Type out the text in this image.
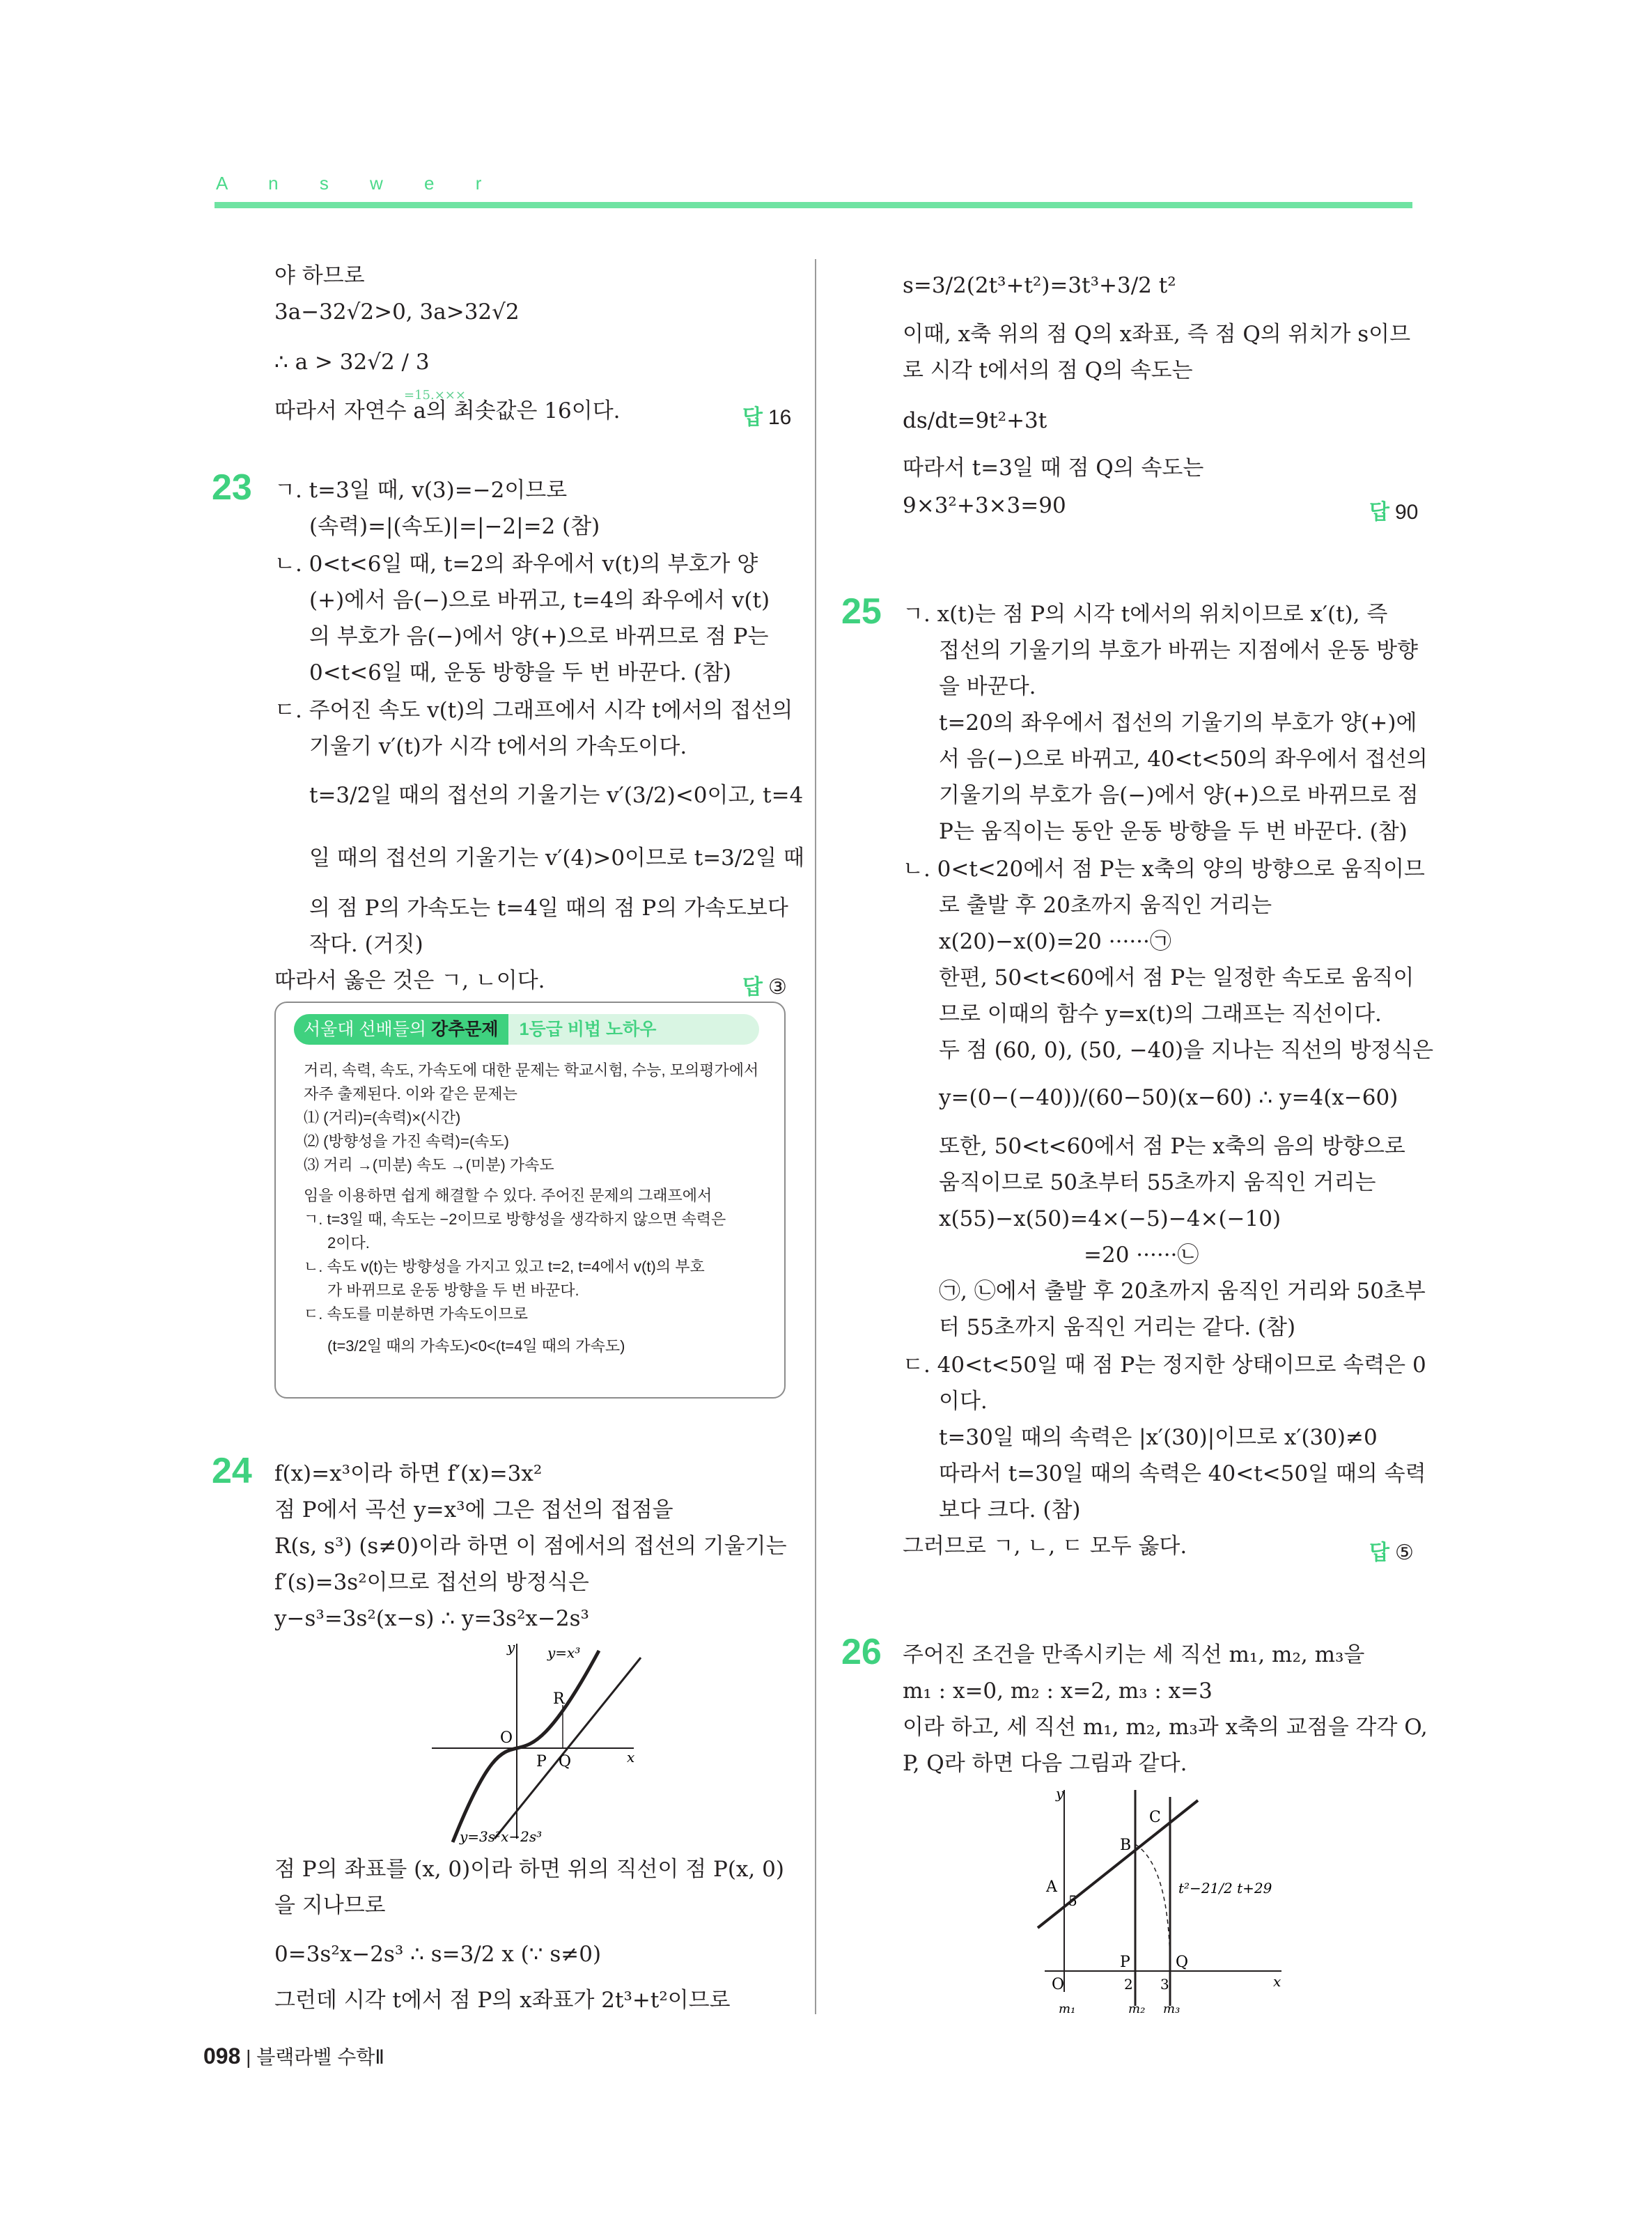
A n s w e r
야 하므로
3a−32√2>0, 3a>32√2
∴ a > 32√2 / 3
=15.×××
따라서 자연수 a의 최솟값은 16이다.	답 16
23 ㄱ. t=3일 때, v(3)=−2이므로
(속력)=|(속도)|=|−2|=2 (참)
ㄴ. 0<t<6일 때, t=2의 좌우에서 v(t)의 부호가 양
(+)에서 음(−)으로 바뀌고, t=4의 좌우에서 v(t)
의 부호가 음(−)에서 양(+)으로 바뀌므로 점 P는
0<t<6일 때, 운동 방향을 두 번 바꾼다. (참)
ㄷ. 주어진 속도 v(t)의 그래프에서 시각 t에서의 접선의
기울기 v′(t)가 시각 t에서의 가속도이다.
t=3/2일 때의 접선의 기울기는 v′(3/2)<0이고, t=4
일 때의 접선의 기울기는 v′(4)>0이므로 t=3/2일 때
의 점 P의 가속도는 t=4일 때의 점 P의 가속도보다
작다. (거짓)
따라서 옳은 것은 ㄱ, ㄴ이다.	답 ③
서울대 선배들의 강추문제 1등급 비법 노하우
거리, 속력, 속도, 가속도에 대한 문제는 학교시험, 수능, 모의평가에서
자주 출제된다. 이와 같은 문제는
⑴ (거리)=(속력)×(시간)
⑵ (방향성을 가진 속력)=(속도)
⑶ 거리 →(미분) 속도 →(미분) 가속도
임을 이용하면 쉽게 해결할 수 있다. 주어진 문제의 그래프에서
ㄱ. t=3일 때, 속도는 −2이므로 방향성을 생각하지 않으면 속력은
2이다.
ㄴ. 속도 v(t)는 방향성을 가지고 있고 t=2, t=4에서 v(t)의 부호
가 바뀌므로 운동 방향을 두 번 바꾼다.
ㄷ. 속도를 미분하면 가속도이므로
(t=3/2일 때의 가속도)<0<(t=4일 때의 가속도)
24 f(x)=x³이라 하면 f′(x)=3x²
점 P에서 곡선 y=x³에 그은 접선의 접점을
R(s, s³) (s≠0)이라 하면 이 점에서의 접선의 기울기는
f′(s)=3s²이므로 접선의 방정식은
y−s³=3s²(x−s) ∴ y=3s²x−2s³
y
x
O
R
P Q
y=x³
y=3s²x−2s³
점 P의 좌표를 (x, 0)이라 하면 위의 직선이 점 P(x, 0)
을 지나므로
0=3s²x−2s³ ∴ s=3/2 x (∵ s≠0)
그런데 시각 t에서 점 P의 x좌표가 2t³+t²이므로
s=3/2(2t³+t²)=3t³+3/2 t²
이때, x축 위의 점 Q의 x좌표, 즉 점 Q의 위치가 s이므
로 시각 t에서의 점 Q의 속도는
ds/dt=9t²+3t
따라서 t=3일 때 점 Q의 속도는
9×3²+3×3=90	답 90
25 ㄱ. x(t)는 점 P의 시각 t에서의 위치이므로 x′(t), 즉
접선의 기울기의 부호가 바뀌는 지점에서 운동 방향
을 바꾼다.
t=20의 좌우에서 접선의 기울기의 부호가 양(+)에
서 음(−)으로 바뀌고, 40<t<50의 좌우에서 접선의
기울기의 부호가 음(−)에서 양(+)으로 바뀌므로 점
P는 움직이는 동안 운동 방향을 두 번 바꾼다. (참)
ㄴ. 0<t<20에서 점 P는 x축의 양의 방향으로 움직이므
로 출발 후 20초까지 움직인 거리는
x(20)−x(0)=20 ······㉠
한편, 50<t<60에서 점 P는 일정한 속도로 움직이
므로 이때의 함수 y=x(t)의 그래프는 직선이다.
두 점 (60, 0), (50, −40)을 지나는 직선의 방정식은
y=(0−(−40))/(60−50)(x−60) ∴ y=4(x−60)
또한, 50<t<60에서 점 P는 x축의 음의 방향으로
움직이므로 50초부터 55초까지 움직인 거리는
x(55)−x(50)=4×(−5)−4×(−10)
=20 ······㉡
㉠, ㉡에서 출발 후 20초까지 움직인 거리와 50초부
터 55초까지 움직인 거리는 같다. (참)
ㄷ. 40<t<50일 때 점 P는 정지한 상태이므로 속력은 0
이다.
t=30일 때의 속력은 |x′(30)|이므로 x′(30)≠0
따라서 t=30일 때의 속력은 40<t<50일 때의 속력
보다 크다. (참)
그러므로 ㄱ, ㄴ, ㄷ 모두 옳다.	답 ⑤
26 주어진 조건을 만족시키는 세 직선 m₁, m₂, m₃을
m₁ : x=0, m₂ : x=2, m₃ : x=3
이라 하고, 세 직선 m₁, m₂, m₃과 x축의 교점을 각각 O,
P, Q라 하면 다음 그림과 같다.
y
x
O
A
B
C
P	Q
5
2 3
m₁	m₂ m₃
t²−21/2 t+29
098 | 블랙라벨 수학Ⅱ
